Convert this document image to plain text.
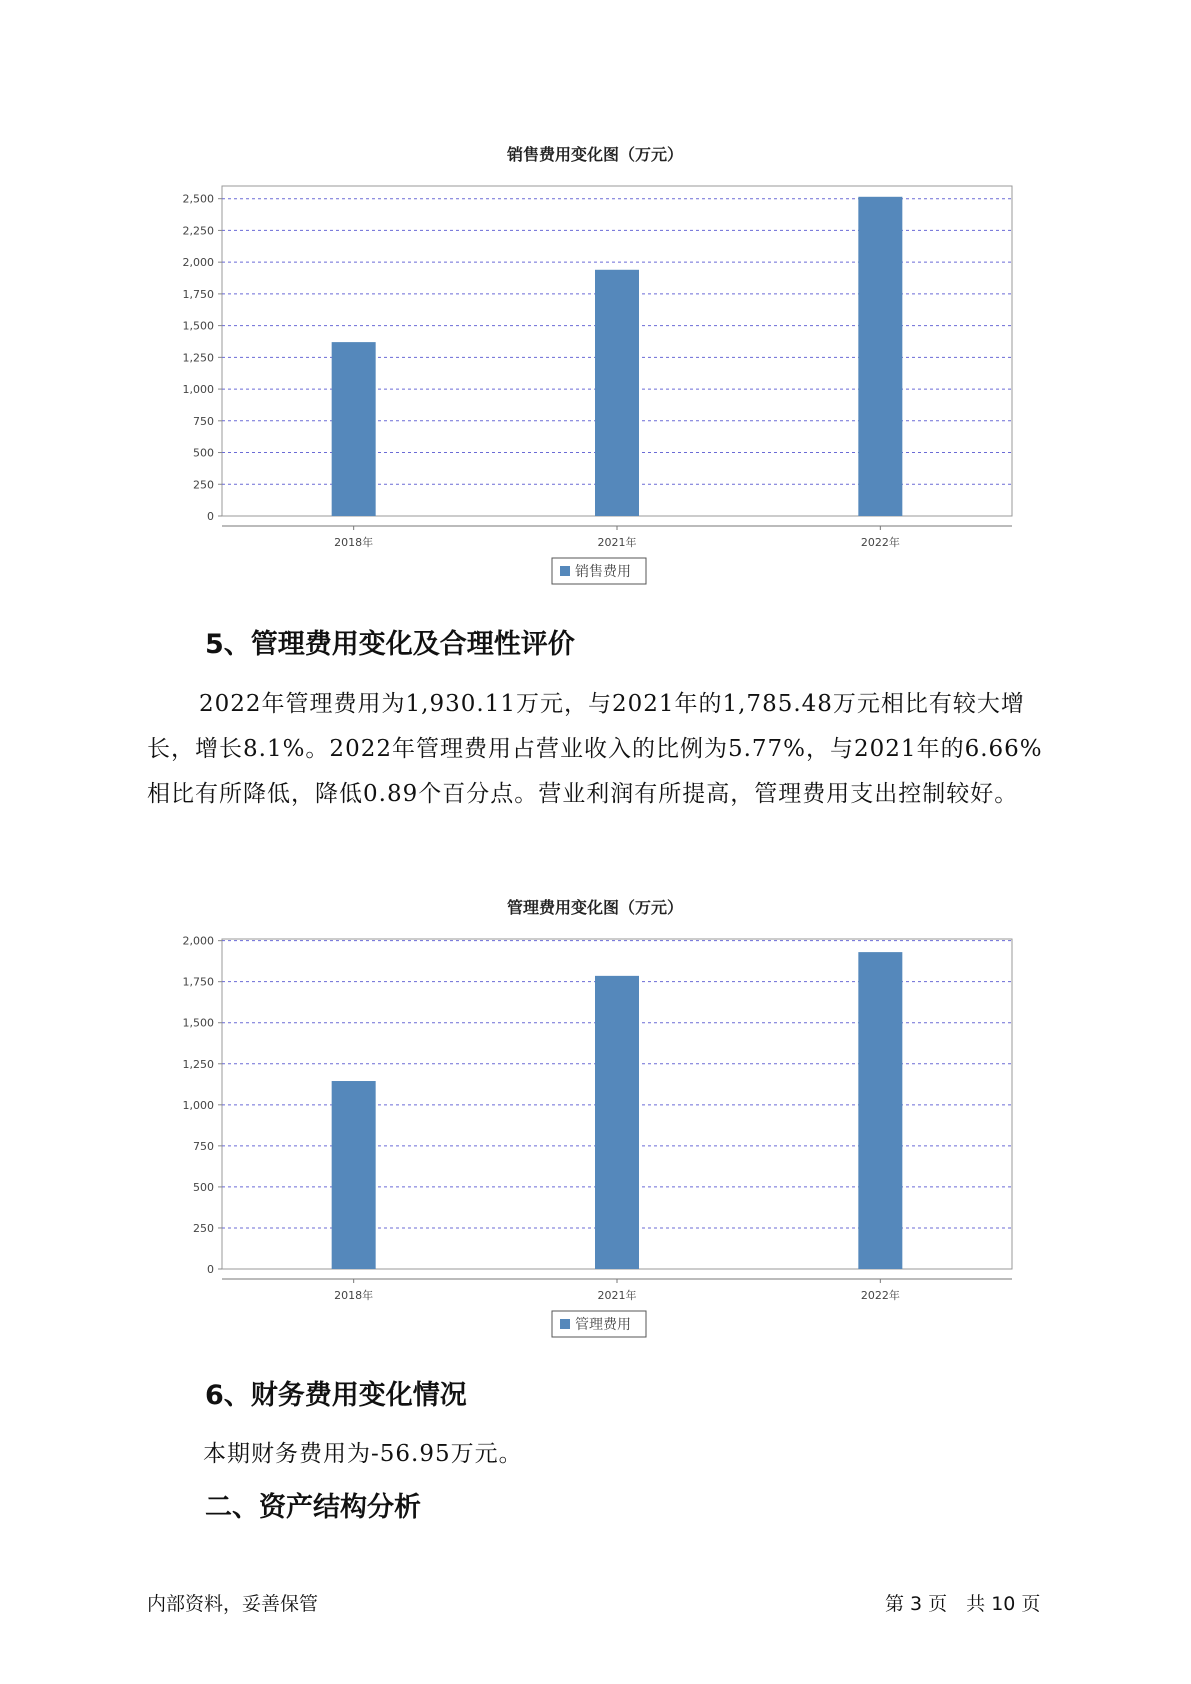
销售费用变化图（万元）
0
250
500
750
1,000
1,250
1,500
1,750
2,000
2,250
2,500
2018年	2021年	2022年
销售费用
5、管理费用变化及合理性评价

2022年管理费用为1,930.11万元，与2021年的1,785.48万元相比有较大增长，增长8.1%。2022年管理费用占营业收入的比例为5.77%，与2021年的6.66%相比有所降低，降低0.89个百分点。营业利润有所提高，管理费用支出控制较好。

管理费用变化图（万元）
0
250
500
750
1,000
1,250
1,500
1,750
2,000
2018年	2021年	2022年
管理费用
6、财务费用变化情况

本期财务费用为-56.95万元。

二、资产结构分析
内部资料，妥善保管	第 3 页　共 10 页
